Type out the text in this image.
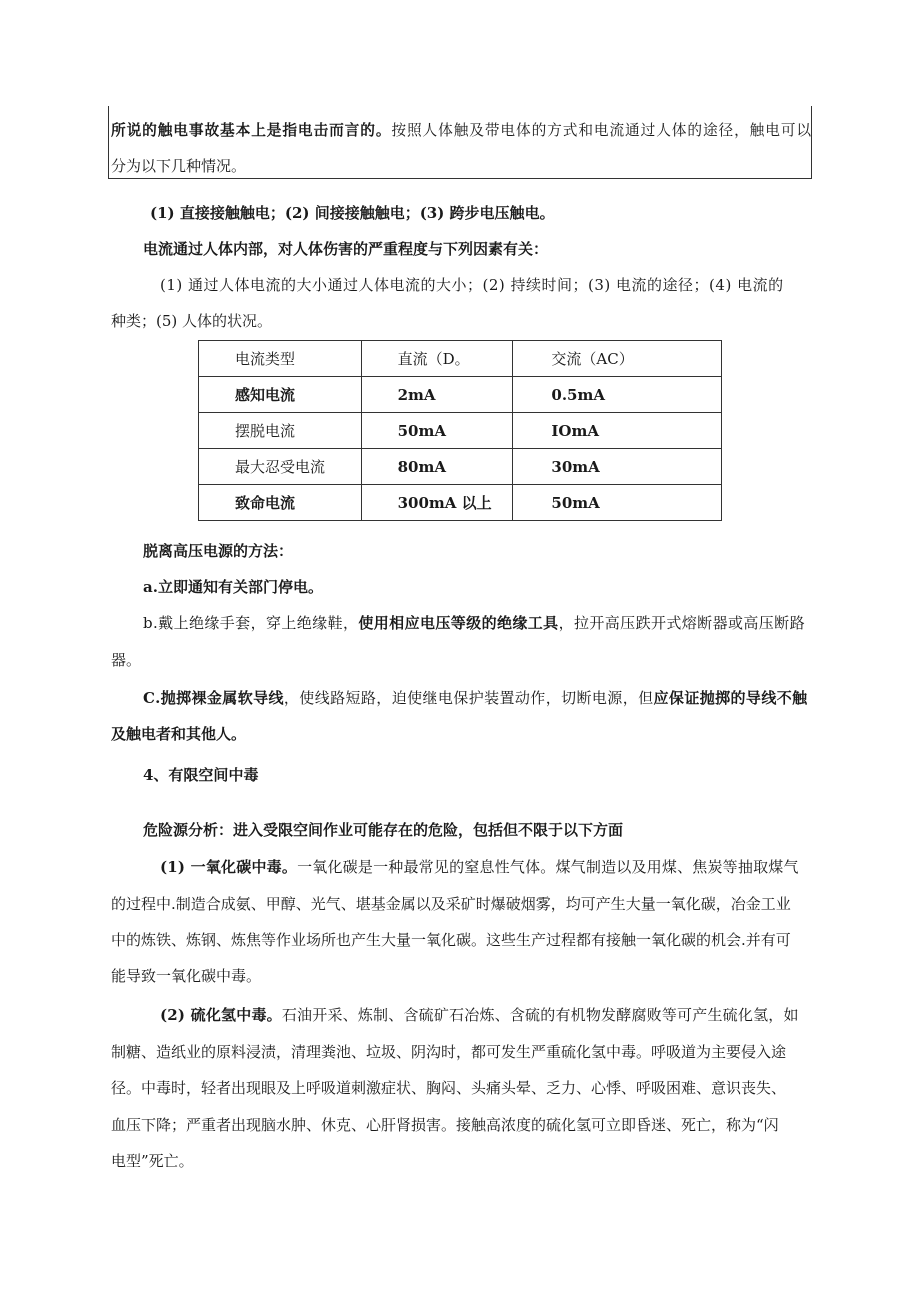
所说的触电事故基本上是指电击而言的。按照人体触及带电体的方式和电流通过人体的途径，触电可以
分为以下几种情况。
(1) 直接接触触电；(2) 间接接触触电；(3) 跨步电压触电。
电流通过人体内部，对人体伤害的严重程度与下列因素有关：
(1) 通过人体电流的大小通过人体电流的大小；(2) 持续时间；(3) 电流的途径；(4) 电流的
种类；(5) 人体的状况。
电流类型	直流（D。	交流（AC）
感知电流	2mA	0.5mA
摆脱电流	50mA	IOmA
最大忍受电流	80mA	30mA
致命电流	300mA 以上	50mA
脱离高压电源的方法：
a.立即通知有关部门停电。
b.戴上绝缘手套，穿上绝缘鞋，使用相应电压等级的绝缘工具，拉开高压跌开式熔断器或高压断路
器。
C.抛掷裸金属软导线，使线路短路，迫使继电保护装置动作，切断电源，但应保证抛掷的导线不触
及触电者和其他人。
4、有限空间中毒
危险源分析：进入受限空间作业可能存在的危险，包括但不限于以下方面
(1) 一氧化碳中毒。一氧化碳是一种最常见的窒息性气体。煤气制造以及用煤、焦炭等抽取煤气
的过程中.制造合成氨、甲醇、光气、堪基金属以及采矿时爆破烟雾，均可产生大量一氧化碳，冶金工业
中的炼铁、炼钢、炼焦等作业场所也产生大量一氧化碳。这些生产过程都有接触一氧化碳的机会.并有可
能导致一氧化碳中毒。
(2) 硫化氢中毒。石油开采、炼制、含硫矿石冶炼、含硫的有机物发酵腐败等可产生硫化氢，如
制糖、造纸业的原料浸渍，清理粪池、垃圾、阴沟时，都可发生严重硫化氢中毒。呼吸道为主要侵入途
径。中毒时，轻者出现眼及上呼吸道刺激症状、胸闷、头痛头晕、乏力、心悸、呼吸困难、意识丧失、
血压下降；严重者出现脑水肿、休克、心肝肾损害。接触高浓度的硫化氢可立即昏迷、死亡，称为“闪
电型”死亡。
